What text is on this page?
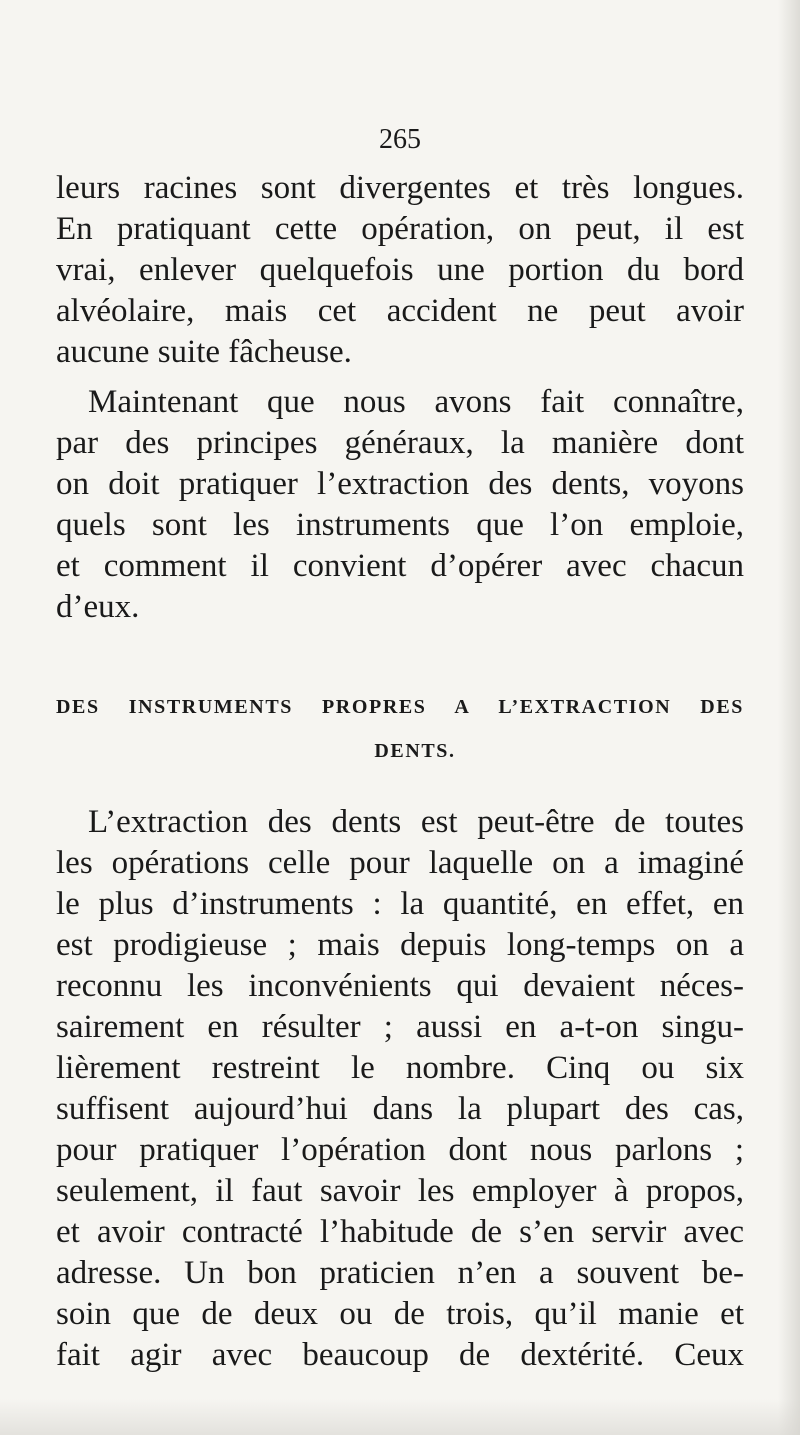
265
leurs racines sont divergentes et très longues.
En pratiquant cette opération, on peut, il est
vrai, enlever quelquefois une portion du bord
alvéolaire, mais cet accident ne peut avoir
aucune suite fâcheuse.
Maintenant que nous avons fait connaître,
par des principes généraux, la manière dont
on doit pratiquer l’extraction des dents, voyons
quels sont les instruments que l’on emploie,
et comment il convient d’opérer avec chacun
d’eux.
DES INSTRUMENTS PROPRES A L’EXTRACTION DES
DENTS.
L’extraction des dents est peut-être de toutes
les opérations celle pour laquelle on a imaginé
le plus d’instruments : la quantité, en effet, en
est prodigieuse ; mais depuis long-temps on a
reconnu les inconvénients qui devaient néces-
sairement en résulter ; aussi en a-t-on singu-
lièrement restreint le nombre. Cinq ou six
suffisent aujourd’hui dans la plupart des cas,
pour pratiquer l’opération dont nous parlons ;
seulement, il faut savoir les employer à propos,
et avoir contracté l’habitude de s’en servir avec
adresse. Un bon praticien n’en a souvent be-
soin que de deux ou de trois, qu’il manie et
fait agir avec beaucoup de dextérité. Ceux
